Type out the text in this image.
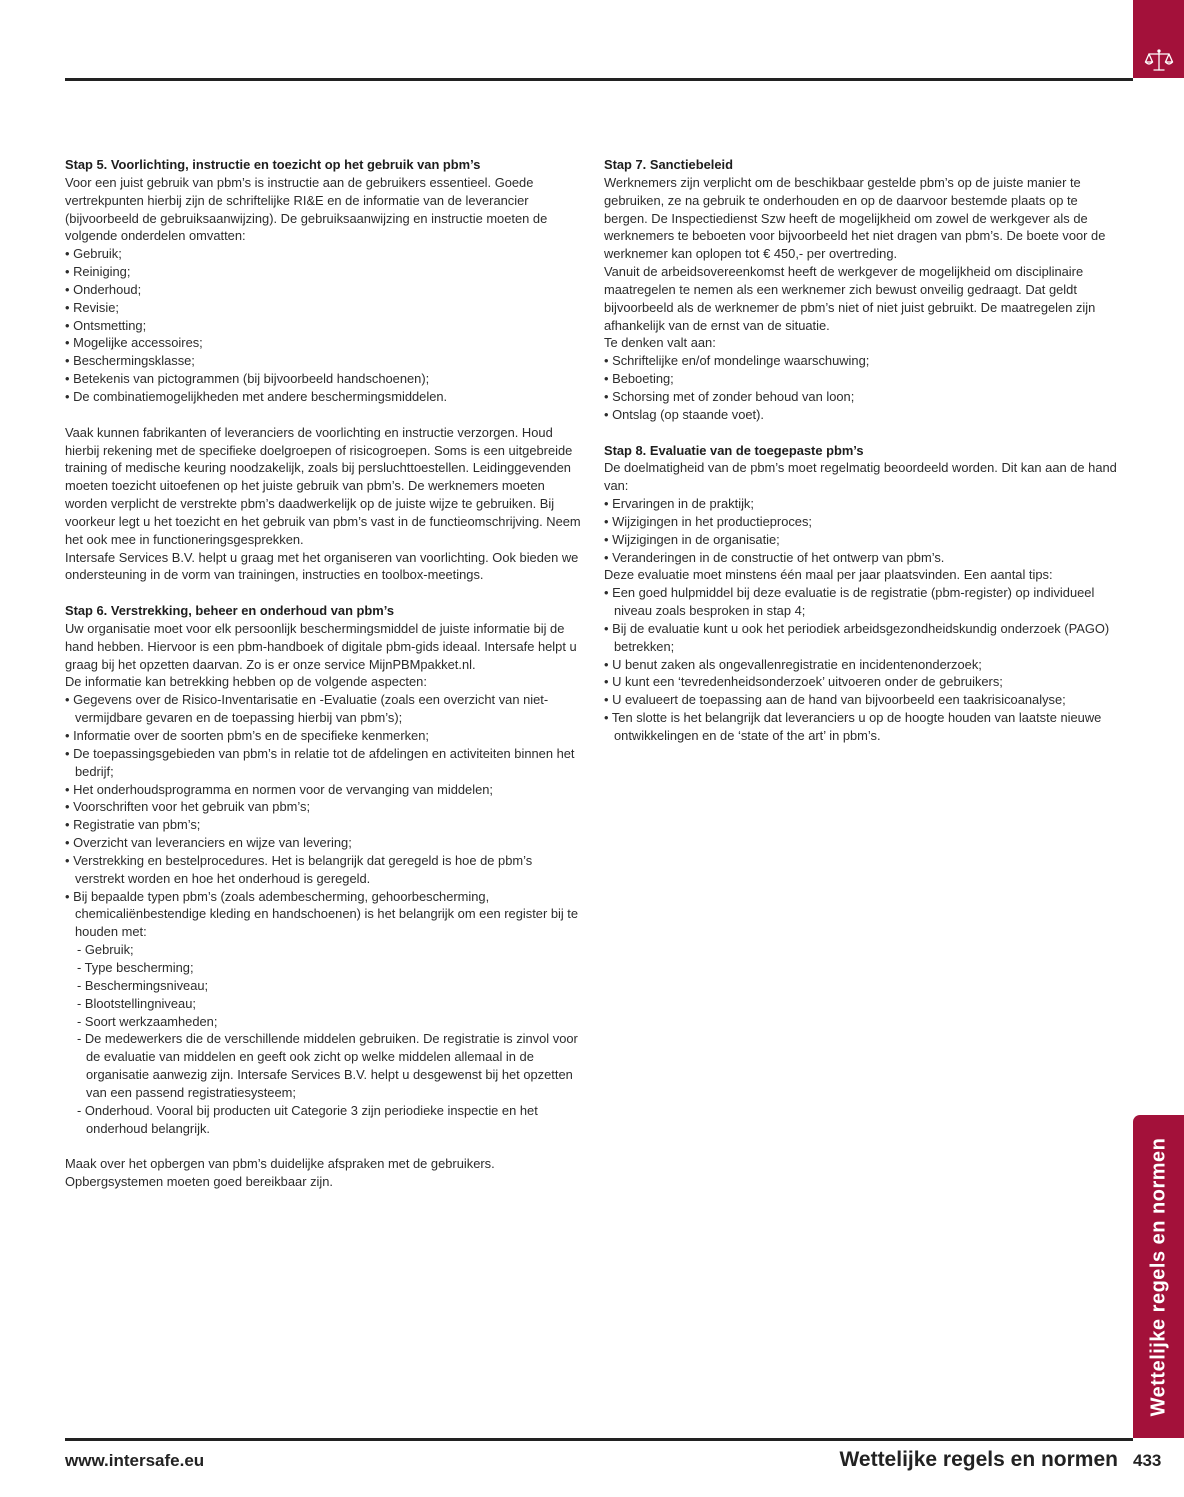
Stap 5. Voorlichting, instructie en toezicht op het gebruik van pbm’s

Voor een juist gebruik van pbm’s is instructie aan de gebruikers essentieel. Goede vertrekpunten hierbij zijn de schriftelijke RI&E en de informatie van de leverancier (bijvoorbeeld de gebruiksaanwijzing). De gebruiksaanwijzing en instructie moeten de volgende onderdelen omvatten:

• Gebruik;

• Reiniging;

• Onderhoud;

• Revisie;

• Ontsmetting;

• Mogelijke accessoires;

• Beschermingsklasse;

• Betekenis van pictogrammen (bij bijvoorbeeld handschoenen);

• De combinatiemogelijkheden met andere beschermingsmiddelen.

Vaak kunnen fabrikanten of leveranciers de voorlichting en instructie verzorgen. Houd hierbij rekening met de specifieke doelgroepen of risicogroepen. Soms is een uitgebreide training of medische keuring noodzakelijk, zoals bij persluchttoestellen. Leidinggevenden moeten toezicht uitoefenen op het juiste gebruik van pbm’s. De werknemers moeten worden verplicht de verstrekte pbm’s daadwerkelijk op de juiste wijze te gebruiken. Bij voorkeur legt u het toezicht en het gebruik van pbm’s vast in de functieomschrijving. Neem het ook mee in functioneringsgesprekken.

Intersafe Services B.V. helpt u graag met het organiseren van voorlichting. Ook bieden we ondersteuning in de vorm van trainingen, instructies en toolbox-meetings.

Stap 6. Verstrekking, beheer en onderhoud van pbm’s

Uw organisatie moet voor elk persoonlijk beschermingsmiddel de juiste informatie bij de hand hebben. Hiervoor is een pbm-handboek of digitale pbm-gids ideaal. Intersafe helpt u graag bij het opzetten daarvan. Zo is er onze service MijnPBMpakket.nl.

De informatie kan betrekking hebben op de volgende aspecten:

• Gegevens over de Risico-Inventarisatie en -Evaluatie (zoals een overzicht van niet-vermijdbare gevaren en de toepassing hierbij van pbm’s);

• Informatie over de soorten pbm’s en de specifieke kenmerken;

• De toepassingsgebieden van pbm’s in relatie tot de afdelingen en activiteiten binnen het bedrijf;

• Het onderhoudsprogramma en normen voor de vervanging van middelen;

• Voorschriften voor het gebruik van pbm’s;

• Registratie van pbm’s;

• Overzicht van leveranciers en wijze van levering;

• Verstrekking en bestelprocedures. Het is belangrijk dat geregeld is hoe de pbm’s verstrekt worden en hoe het onderhoud is geregeld.

• Bij bepaalde typen pbm’s (zoals adembescherming, gehoorbescherming, chemicaliënbestendige kleding en handschoenen) is het belangrijk om een register bij te houden met:

- Gebruik;

- Type bescherming;

- Beschermingsniveau;

- Blootstellingniveau;

- Soort werkzaamheden;

- De medewerkers die de verschillende middelen gebruiken. De registratie is zinvol voor de evaluatie van middelen en geeft ook zicht op welke middelen allemaal in de organisatie aanwezig zijn. Intersafe Services B.V. helpt u desgewenst bij het opzetten van een passend registratiesysteem;

- Onderhoud. Vooral bij producten uit Categorie 3 zijn periodieke inspectie en het onderhoud belangrijk.

Maak over het opbergen van pbm’s duidelijke afspraken met de gebruikers. Opbergsystemen moeten goed bereikbaar zijn.

Stap 7. Sanctiebeleid

Werknemers zijn verplicht om de beschikbaar gestelde pbm’s op de juiste manier te gebruiken, ze na gebruik te onderhouden en op de daarvoor bestemde plaats op te bergen. De Inspectiedienst Szw heeft de mogelijkheid om zowel de werkgever als de werknemers te beboeten voor bijvoorbeeld het niet dragen van pbm’s. De boete voor de werknemer kan oplopen tot € 450,- per overtreding.

Vanuit de arbeidsovereenkomst heeft de werkgever de mogelijkheid om disciplinaire maatregelen te nemen als een werknemer zich bewust onveilig gedraagt. Dat geldt bijvoorbeeld als de werknemer de pbm’s niet of niet juist gebruikt. De maatregelen zijn afhankelijk van de ernst van de situatie.

Te denken valt aan:

• Schriftelijke en/of mondelinge waarschuwing;

• Beboeting;

• Schorsing met of zonder behoud van loon;

• Ontslag (op staande voet).

Stap 8. Evaluatie van de toegepaste pbm’s

De doelmatigheid van de pbm’s moet regelmatig beoordeeld worden. Dit kan aan de hand van:

• Ervaringen in de praktijk;

• Wijzigingen in het productieproces;

• Wijzigingen in de organisatie;

• Veranderingen in de constructie of het ontwerp van pbm’s.

Deze evaluatie moet minstens één maal per jaar plaatsvinden. Een aantal tips:

• Een goed hulpmiddel bij deze evaluatie is de registratie (pbm-register) op individueel niveau zoals besproken in stap 4;

• Bij de evaluatie kunt u ook het periodiek arbeidsgezondheidskundig onderzoek (PAGO) betrekken;

• U benut zaken als ongevallenregistratie en incidentenonderzoek;

• U kunt een ‘tevredenheidsonderzoek’ uitvoeren onder de gebruikers;

• U evalueert de toepassing aan de hand van bijvoorbeeld een taakrisicoanalyse;

• Ten slotte is het belangrijk dat leveranciers u op de hoogte houden van laatste nieuwe ontwikkelingen en de ‘state of the art’ in pbm’s.

Wettelijke regels en normen
www.intersafe.eu	Wettelijke regels en normen 433
